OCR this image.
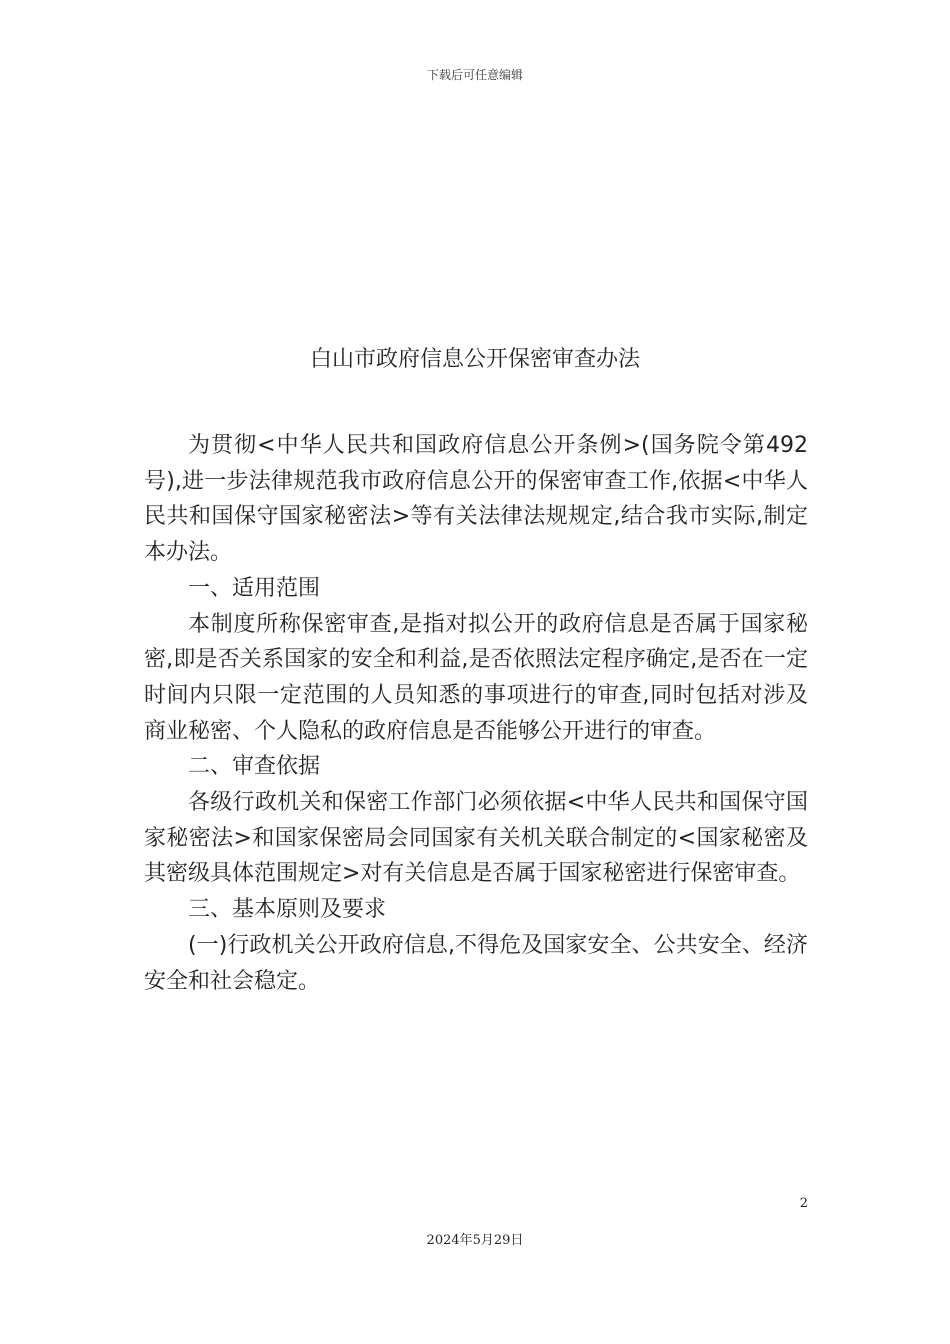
下载后可任意编辑
白山市政府信息公开保密审查办法

为贯彻<中华人民共和国政府信息公开条例>(国务院令第492号),进一步法律规范我市政府信息公开的保密审查工作,依据<中华人民共和国保守国家秘密法>等有关法律法规规定,结合我市实际,制定本办法。

一、适用范围

本制度所称保密审查,是指对拟公开的政府信息是否属于国家秘密,即是否关系国家的安全和利益,是否依照法定程序确定,是否在一定时间内只限一定范围的人员知悉的事项进行的审查,同时包括对涉及商业秘密、个人隐私的政府信息是否能够公开进行的审查。

二、审查依据

各级行政机关和保密工作部门必须依据<中华人民共和国保守国家秘密法>和国家保密局会同国家有关机关联合制定的<国家秘密及其密级具体范围规定>对有关信息是否属于国家秘密进行保密审查。

三、基本原则及要求

(一)行政机关公开政府信息,不得危及国家安全、公共安全、经济安全和社会稳定。

2
2024年5月29日
